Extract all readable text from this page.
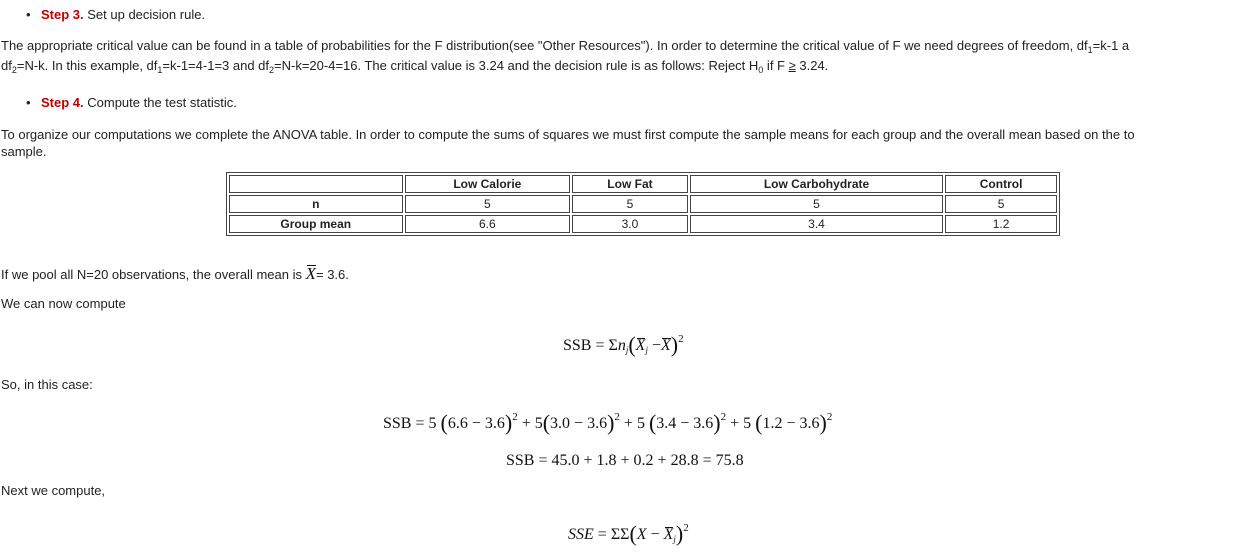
• Step 3. Set up decision rule.
The appropriate critical value can be found in a table of probabilities for the F distribution(see "Other Resources"). In order to determine the critical value of F we need degrees of freedom, $df_1=k-1$ a
$df_2=N-k$. In this example, $df_1=k-1=4-1=3$ and $df_2=N-k=20-4=16$. The critical value is 3.24 and the decision rule is as follows: Reject $H_0$ if F ≥ 3.24.
• Step 4. Compute the test statistic.
To organize our computations we complete the ANOVA table. In order to compute the sums of squares we must first compute the sample means for each group and the overall mean based on the to
sample.
	Low Calorie	Low Fat	Low Carbohydrate	Control
n	5	5	5	5
Group mean	6.6	3.0	3.4	1.2
If we pool all N=20 observations, the overall mean is X= 3.6.
We can now compute
SSB = $\Sigma n_j(X_j -X)^2$
So, in this case:
SSB = 5 $(6.6 - 3.6)^2 + 5(3.0 - 3.6)^2 + 5$ $(3.4 - 3.6)^2 + 5$ $(1.2 - 3.6)^2$
SSB = 45.0 + 1.8 + 0.2 + 28.8 = 75.8
Next we compute,
SSE = $\Sigma\Sigma(X - X_j)^2$
